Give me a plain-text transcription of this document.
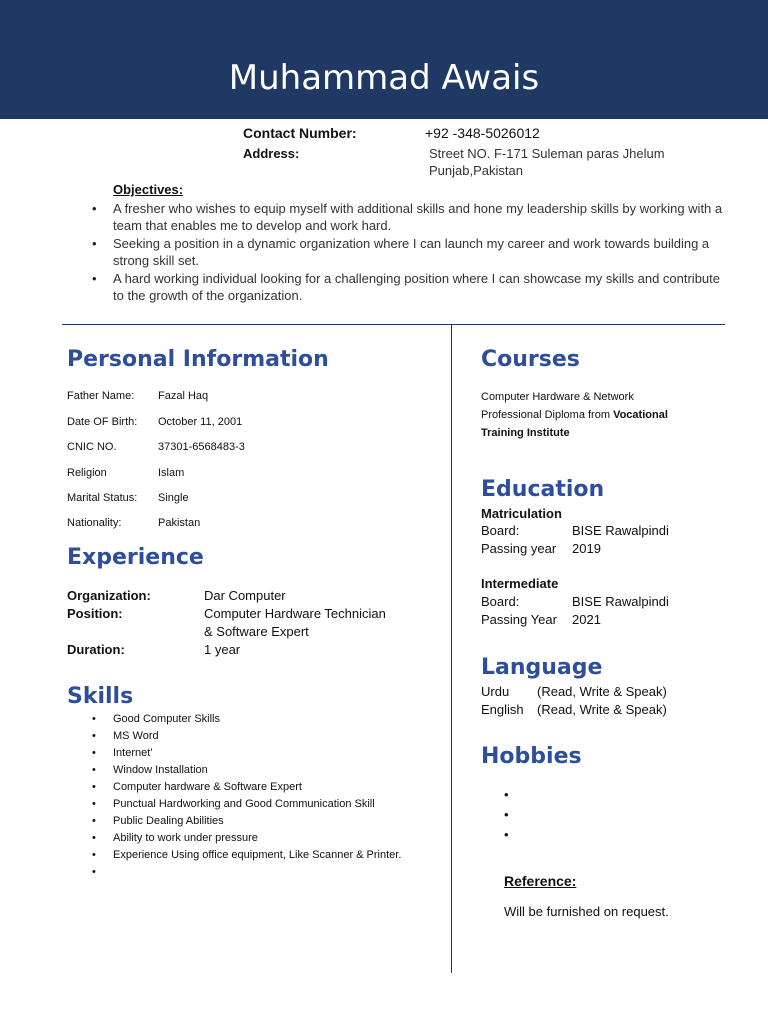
Muhammad Awais
Contact Number:	+92 -348-5026012
Address:	Street NO. F-171 Suleman paras Jhelum
Punjab,Pakistan
Objectives:
• A fresher who wishes to equip myself with additional skills and hone my leadership skills by working with a team that enables me to develop and work hard.
• Seeking a position in a dynamic organization where I can launch my career and work towards building a strong skill set.
• A hard working individual looking for a challenging position where I can showcase my skills and contribute to the growth of the organization.
Personal Information
Father Name: Fazal Haq
Date OF Birth: October 11, 2001
CNIC NO.	37301-6568483-3
Religion	Islam
Marital Status: Single
Nationality:	Pakistan
Experience
Organization:	Dar Computer
Position:	Computer Hardware Technician
& Software Expert
Duration:	1 year
Skills
• Good Computer Skills
• MS Word
• Internet’
• Window Installation
• Computer hardware & Software Expert
• Punctual Hardworking and Good Communication Skill
• Public Dealing Abilities
• Ability to work under pressure
• Experience Using office equipment, Like Scanner & Printer.
Courses
Computer Hardware & Network
Professional Diploma from Vocational
Training Institute
Education
Matriculation
Board:	BISE Rawalpindi
Passing year 2019
Intermediate
Board:	BISE Rawalpindi
Passing Year 2021
Language
Urdu (Read, Write & Speak)
English (Read, Write & Speak)
Hobbies
•
•
•
Reference:
Will be furnished on request.
